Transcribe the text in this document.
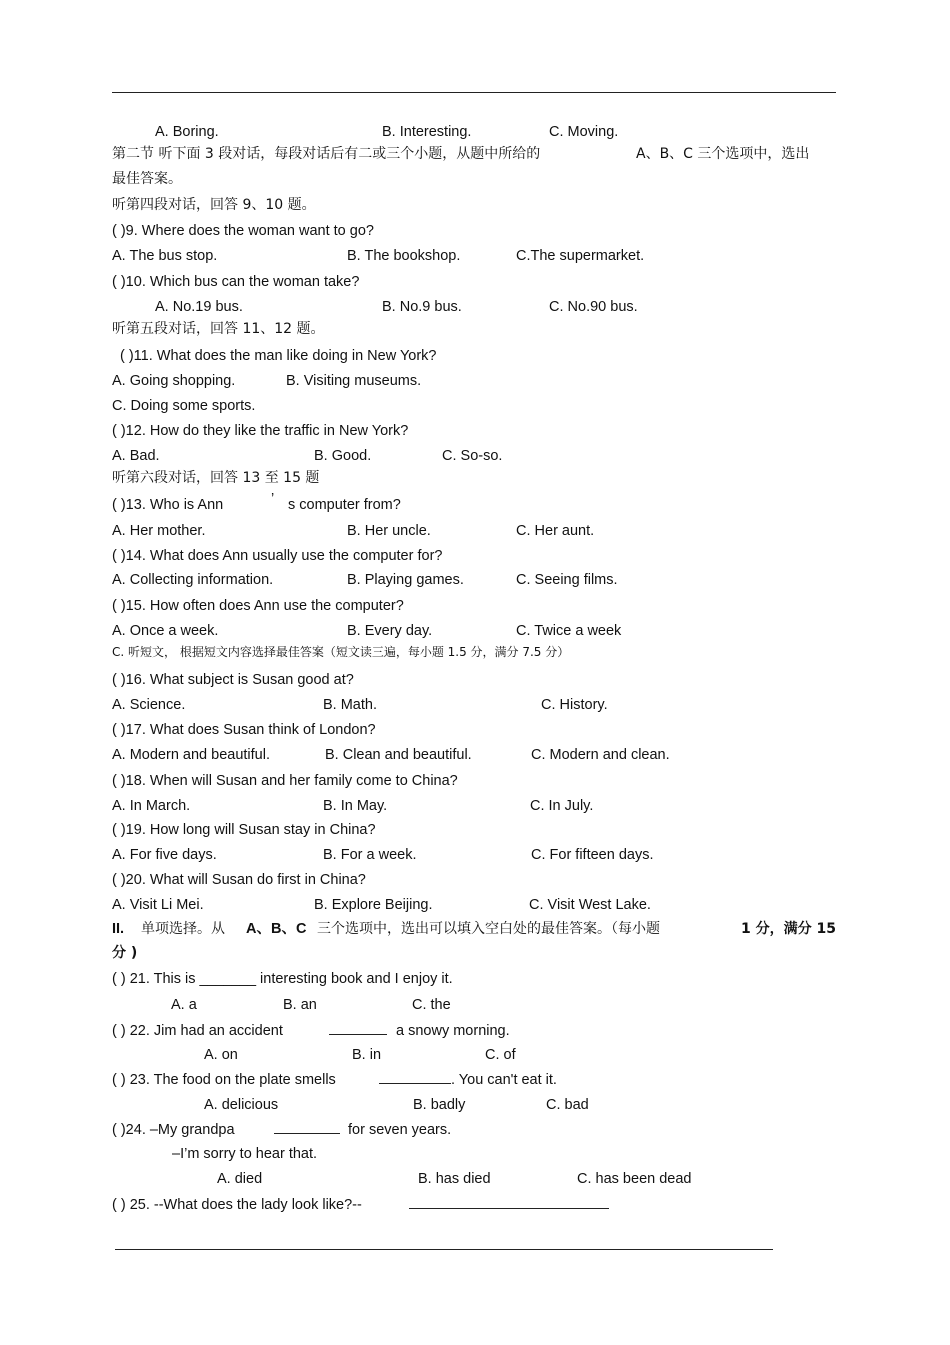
A. Boring.	B. Interesting.	C. Moving.
第二节 听下面 3 段对话，每段对话后有二或三个小题，从题中所给的	A、B、C 三个选项中，选出
最佳答案。
听第四段对话，回答 9、10 题。
( )9. Where does the woman want to go?
A. The bus stop.	B. The bookshop.	C.The supermarket.
( )10. Which bus can the woman take?
A. No.19 bus.	B. No.9 bus.	C. No.90 bus.
听第五段对话，回答 11、12 题。
( )11. What does the man like doing in New York?
A. Going shopping.	B. Visiting museums.
C. Doing some sports.
( )12. How do they like the traffic in New York?
A. Bad.	B. Good.	C. So-so.
听第六段对话，回答 13 至 15 题
( )13. Who is Ann	’ s computer from?
A. Her mother.	B. Her uncle.	C. Her aunt.
( )14. What does Ann usually use the computer for?
A. Collecting information.	B. Playing games.	C. Seeing films.
( )15. How often does Ann use the computer?
A. Once a week.	B. Every day.	C. Twice a week
C. 听短文， 根据短文内容选择最佳答案（短文读三遍，每小题 1.5 分，满分 7.5 分）
( )16. What subject is Susan good at?
A. Science.	B. Math.	C. History.
( )17. What does Susan think of London?
A. Modern and beautiful.	B. Clean and beautiful.	C. Modern and clean.
( )18. When will Susan and her family come to China?
A. In March.	B. In May.	C. In July.
( )19. How long will Susan stay in China?
A. For five days.	B. For a week.	C. For fifteen days.
( )20. What will Susan do first in China?
A. Visit Li Mei.	B. Explore Beijing.	C. Visit West Lake.
II. 单项选择。从 A、B、C 三个选项中，选出可以填入空白处的最佳答案。（每小题	1 分，满分 15
分 )
( ) 21. This is _______ interesting book and I enjoy it.
A. a	B. an	C. the
( ) 22. Jim had an accident	a snowy morning.
A. on	B. in	C. of
( ) 23. The food on the plate smells	. You can't eat it.
A. delicious	B. badly	C. bad
( )24. –My grandpa	for seven years.
–I’m sorry to hear that.
A. died	B. has died	C. has been dead
( ) 25. --What does the lady look like?--
